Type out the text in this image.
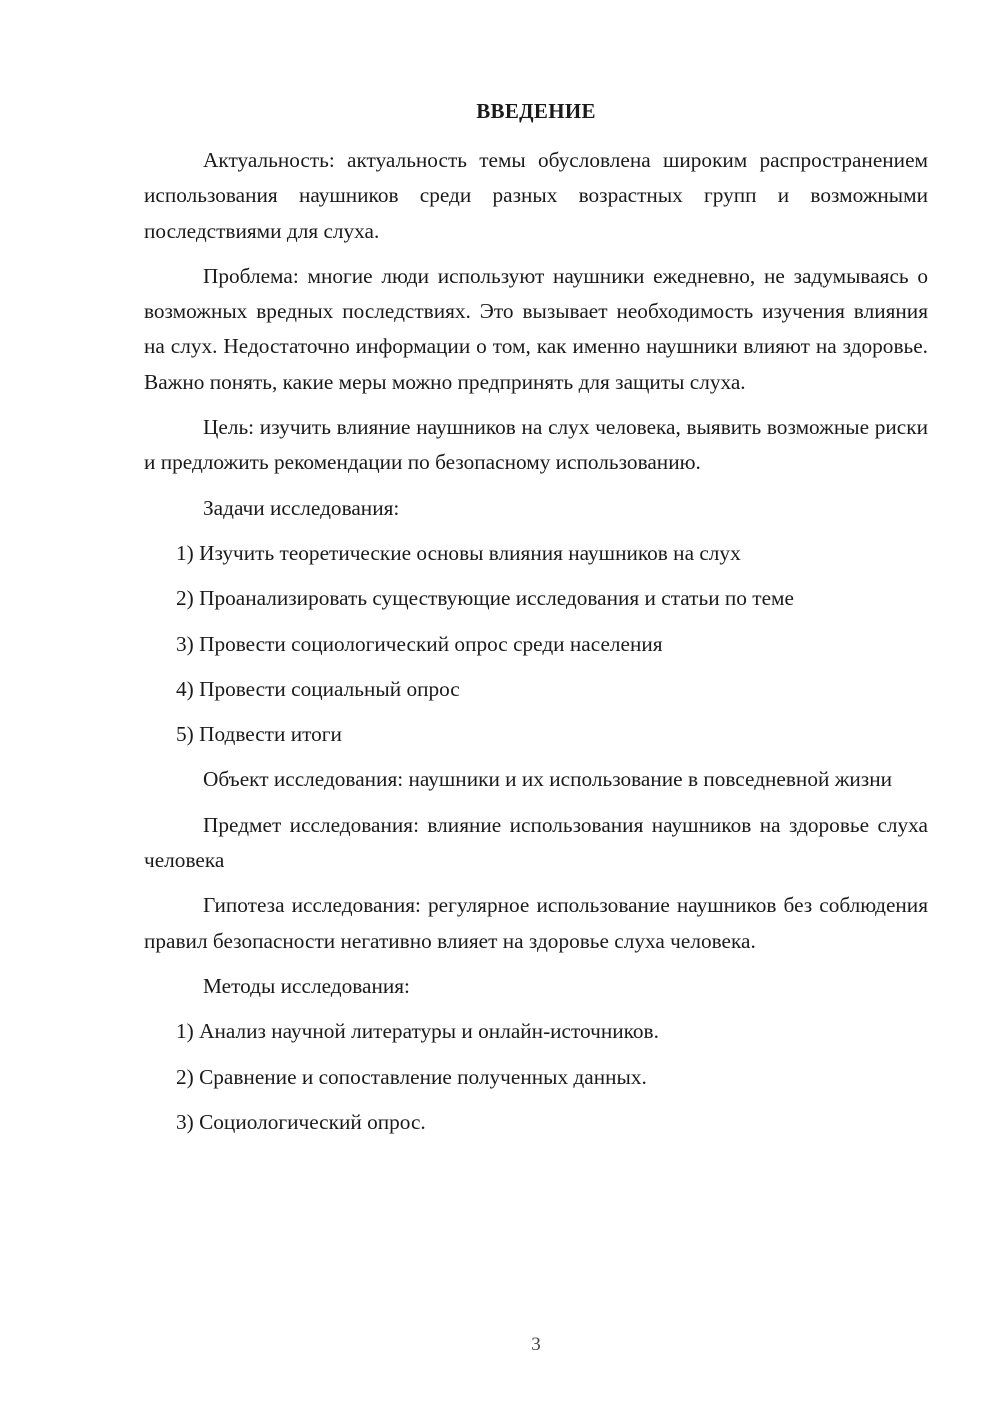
ВВЕДЕНИЕ

Актуальность: актуальность темы обусловлена широким распространением использования наушников среди разных возрастных групп и возможными последствиями для слуха.

Проблема: многие люди используют наушники ежедневно, не задумываясь о возможных вредных последствиях. Это вызывает необходимость изучения влияния на слух. Недостаточно информации о том, как именно наушники влияют на здоровье. Важно понять, какие меры можно предпринять для защиты слуха.

Цель: изучить влияние наушников на слух человека, выявить возможные риски и предложить рекомендации по безопасному использованию.

Задачи исследования:

1) Изучить теоретические основы влияния наушников на слух

2) Проанализировать существующие исследования и статьи по теме

3) Провести социологический опрос среди населения

4) Провести социальный опрос

5) Подвести итоги

Объект исследования: наушники и их использование в повседневной жизни

Предмет исследования: влияние использования наушников на здоровье слуха человека

Гипотеза исследования: регулярное использование наушников без соблюдения правил безопасности негативно влияет на здоровье слуха человека.

Методы исследования:

1) Анализ научной литературы и онлайн-источников.

2) Сравнение и сопоставление полученных данных.

3) Социологический опрос.

3
